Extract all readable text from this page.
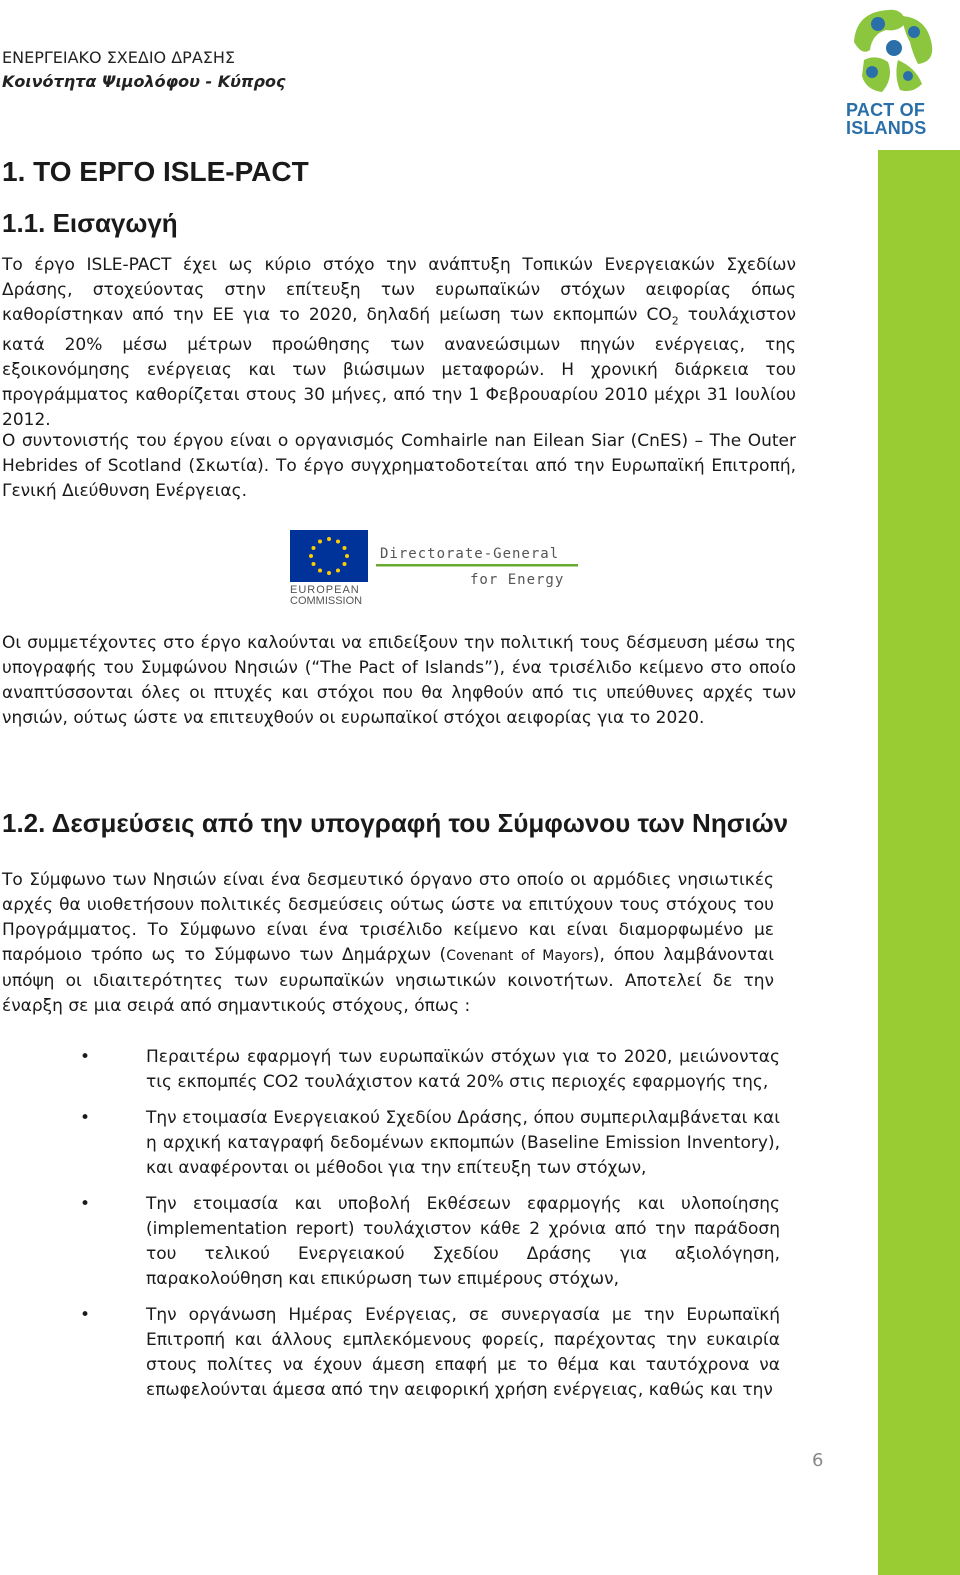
ΕΝΕΡΓΕΙΑΚΟ ΣΧΕΔΙΟ ΔΡΑΣΗΣ
Κοινότητα Ψιμολόφου - Κύπρος
PACT OF
ISLANDS
1. ΤΟ ΕΡΓΟ ISLE-PACT
1.1. Εισαγωγή

Το έργο ISLE-PACT έχει ως κύριο στόχο την ανάπτυξη Τοπικών Ενεργειακών Σχεδίων Δράσης, στοχεύοντας στην επίτευξη των ευρωπαϊκών στόχων αειφορίας όπως καθορίστηκαν από την ΕΕ για το 2020, δηλαδή μείωση των εκπομπών $CO_2$ τουλάχιστον κατά 20% μέσω μέτρων προώθησης των ανανεώσιμων πηγών ενέργειας, της εξοικονόμησης ενέργειας και των βιώσιμων μεταφορών. Η χρονική διάρκεια του προγράμματος καθορίζεται στους 30 μήνες, από την 1 Φεβρουαρίου 2010 μέχρι 31 Ιουλίου 2012.

Ο συντονιστής του έργου είναι ο οργανισμός Comhairle nan Eilean Siar (CnES) – The Outer Hebrides of Scotland (Σκωτία). Το έργο συγχρηματοδοτείται από την Ευρωπαϊκή Επιτροπή, Γενική Διεύθυνση Ενέργειας.

EUROPEAN
COMMISSION
Directorate-General
for Energy

Οι συμμετέχοντες στο έργο καλούνται να επιδείξουν την πολιτική τους δέσμευση μέσω της υπογραφής του Συμφώνου Νησιών (“The Pact of Islands”), ένα τρισέλιδο κείμενο στο οποίο αναπτύσσονται όλες οι πτυχές και στόχοι που θα ληφθούν από τις υπεύθυνες αρχές των νησιών, ούτως ώστε να επιτευχθούν οι ευρωπαϊκοί στόχοι αειφορίας για το 2020.

1.2. Δεσμεύσεις από την υπογραφή του Σύμφωνου των Νησιών

Το Σύμφωνο των Νησιών είναι ένα δεσμευτικό όργανο στο οποίο οι αρμόδιες νησιωτικές αρχές θα υιοθετήσουν πολιτικές δεσμεύσεις ούτως ώστε να επιτύχουν τους στόχους του Προγράμματος. Το Σύμφωνο είναι ένα τρισέλιδο κείμενο και είναι διαμορφωμένο με παρόμοιο τρόπο ως το Σύμφωνο των Δημάρχων (Covenant of Mayors), όπου λαμβάνονται υπόψη οι ιδιαιτερότητες των ευρωπαϊκών νησιωτικών κοινοτήτων. Αποτελεί δε την έναρξη σε μια σειρά από σημαντικούς στόχους, όπως :

•	Περαιτέρω εφαρμογή των ευρωπαϊκών στόχων για το 2020, μειώνοντας τις εκπομπές CO2 τουλάχιστον κατά 20% στις περιοχές εφαρμογής της,
•	Την ετοιμασία Ενεργειακού Σχεδίου Δράσης, όπου συμπεριλαμβάνεται και η αρχική καταγραφή δεδομένων εκπομπών (Baseline Emission Inventory), και αναφέρονται οι μέθοδοι για την επίτευξη των στόχων,
•	Την ετοιμασία και υποβολή Εκθέσεων εφαρμογής και υλοποίησης (implementation report) τουλάχιστον κάθε 2 χρόνια από την παράδοση του τελικού Ενεργειακού Σχεδίου Δράσης για αξιολόγηση, παρακολούθηση και επικύρωση των επιμέρους στόχων,
•	Την οργάνωση Ημέρας Ενέργειας, σε συνεργασία με την Ευρωπαϊκή Επιτροπή και άλλους εμπλεκόμενους φορείς, παρέχοντας την ευκαιρία στους πολίτες να έχουν άμεση επαφή με το θέμα και ταυτόχρονα να επωφελούνται άμεσα από την αειφορική χρήση ενέργειας, καθώς και την
6
